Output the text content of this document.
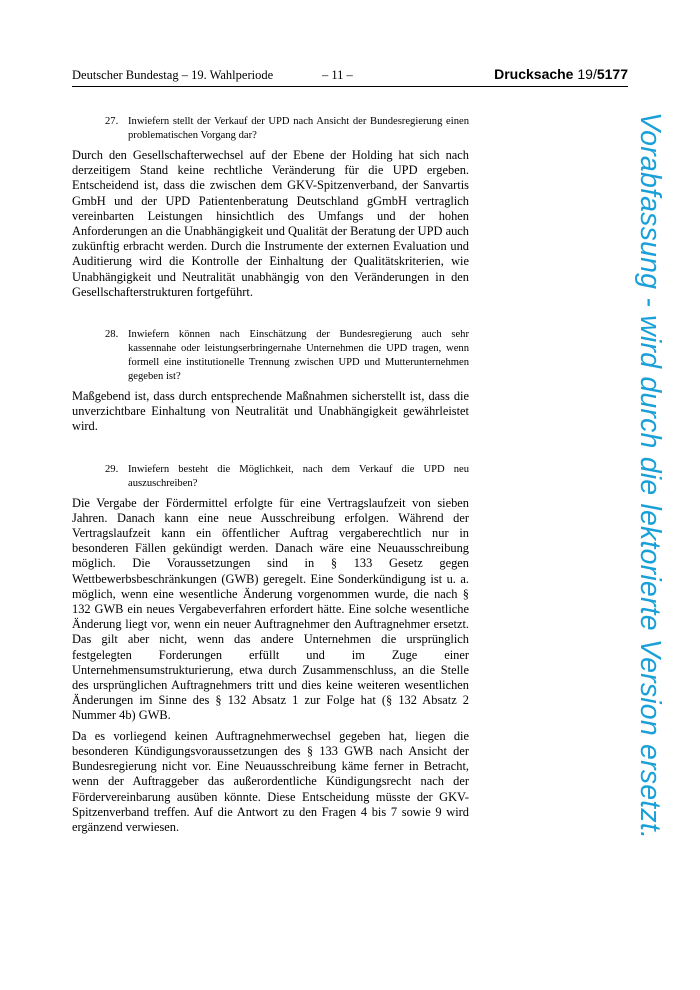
Deutscher Bundestag – 19. Wahlperiode	– 11 –	Drucksache 19/5177
27. Inwiefern stellt der Verkauf der UPD nach Ansicht der Bundesregierung einen problematischen Vorgang dar?

Durch den Gesellschafterwechsel auf der Ebene der Holding hat sich nach derzeitigem Stand keine rechtliche Veränderung für die UPD ergeben. Entscheidend ist, dass die zwischen dem GKV-Spitzenverband, der Sanvartis GmbH und der UPD Patientenberatung Deutschland gGmbH vertraglich vereinbarten Leistungen hinsichtlich des Umfangs und der hohen Anforderungen an die Unabhängigkeit und Qualität der Beratung der UPD auch zukünftig erbracht werden. Durch die Instrumente der externen Evaluation und Auditierung wird die Kontrolle der Einhaltung der Qualitätskriterien, wie Unabhängigkeit und Neutralität unabhängig von den Veränderungen in den Gesellschafterstrukturen fortgeführt.

28. Inwiefern können nach Einschätzung der Bundesregierung auch sehr kassennahe oder leistungserbringernahe Unternehmen die UPD tragen, wenn formell eine institutionelle Trennung zwischen UPD und Mutterunternehmen gegeben ist?

Maßgebend ist, dass durch entsprechende Maßnahmen sicherstellt ist, dass die unverzichtbare Einhaltung von Neutralität und Unabhängigkeit gewährleistet wird.

29. Inwiefern besteht die Möglichkeit, nach dem Verkauf die UPD neu auszuschreiben?

Die Vergabe der Fördermittel erfolgte für eine Vertragslaufzeit von sieben Jahren. Danach kann eine neue Ausschreibung erfolgen. Während der Vertragslaufzeit kann ein öffentlicher Auftrag vergaberechtlich nur in besonderen Fällen gekündigt werden. Danach wäre eine Neuausschreibung möglich. Die Voraussetzungen sind in § 133 Gesetz gegen Wettbewerbsbeschränkungen (GWB) geregelt. Eine Sonderkündigung ist u. a. möglich, wenn eine wesentliche Änderung vorgenommen wurde, die nach § 132 GWB ein neues Vergabeverfahren erfordert hätte. Eine solche wesentliche Änderung liegt vor, wenn ein neuer Auftragnehmer den Auftragnehmer ersetzt. Das gilt aber nicht, wenn das andere Unternehmen die ursprünglich festgelegten Forderungen erfüllt und im Zuge einer Unternehmensumstrukturierung, etwa durch Zusammenschluss, an die Stelle des ursprünglichen Auftragnehmers tritt und dies keine weiteren wesentlichen Änderungen im Sinne des § 132 Absatz 1 zur Folge hat (§ 132 Absatz 2 Nummer 4b) GWB.

Da es vorliegend keinen Auftragnehmerwechsel gegeben hat, liegen die besonderen Kündigungsvoraussetzungen des § 133 GWB nach Ansicht der Bundesregierung nicht vor. Eine Neuausschreibung käme ferner in Betracht, wenn der Auftraggeber das außerordentliche Kündigungsrecht nach der Fördervereinbarung ausüben könnte. Diese Entscheidung müsste der GKV-Spitzenverband treffen. Auf die Antwort zu den Fragen 4 bis 7 sowie 9 wird ergänzend verwiesen.	Vorabfassung - wird durch die lektorierte Version ersetzt.
